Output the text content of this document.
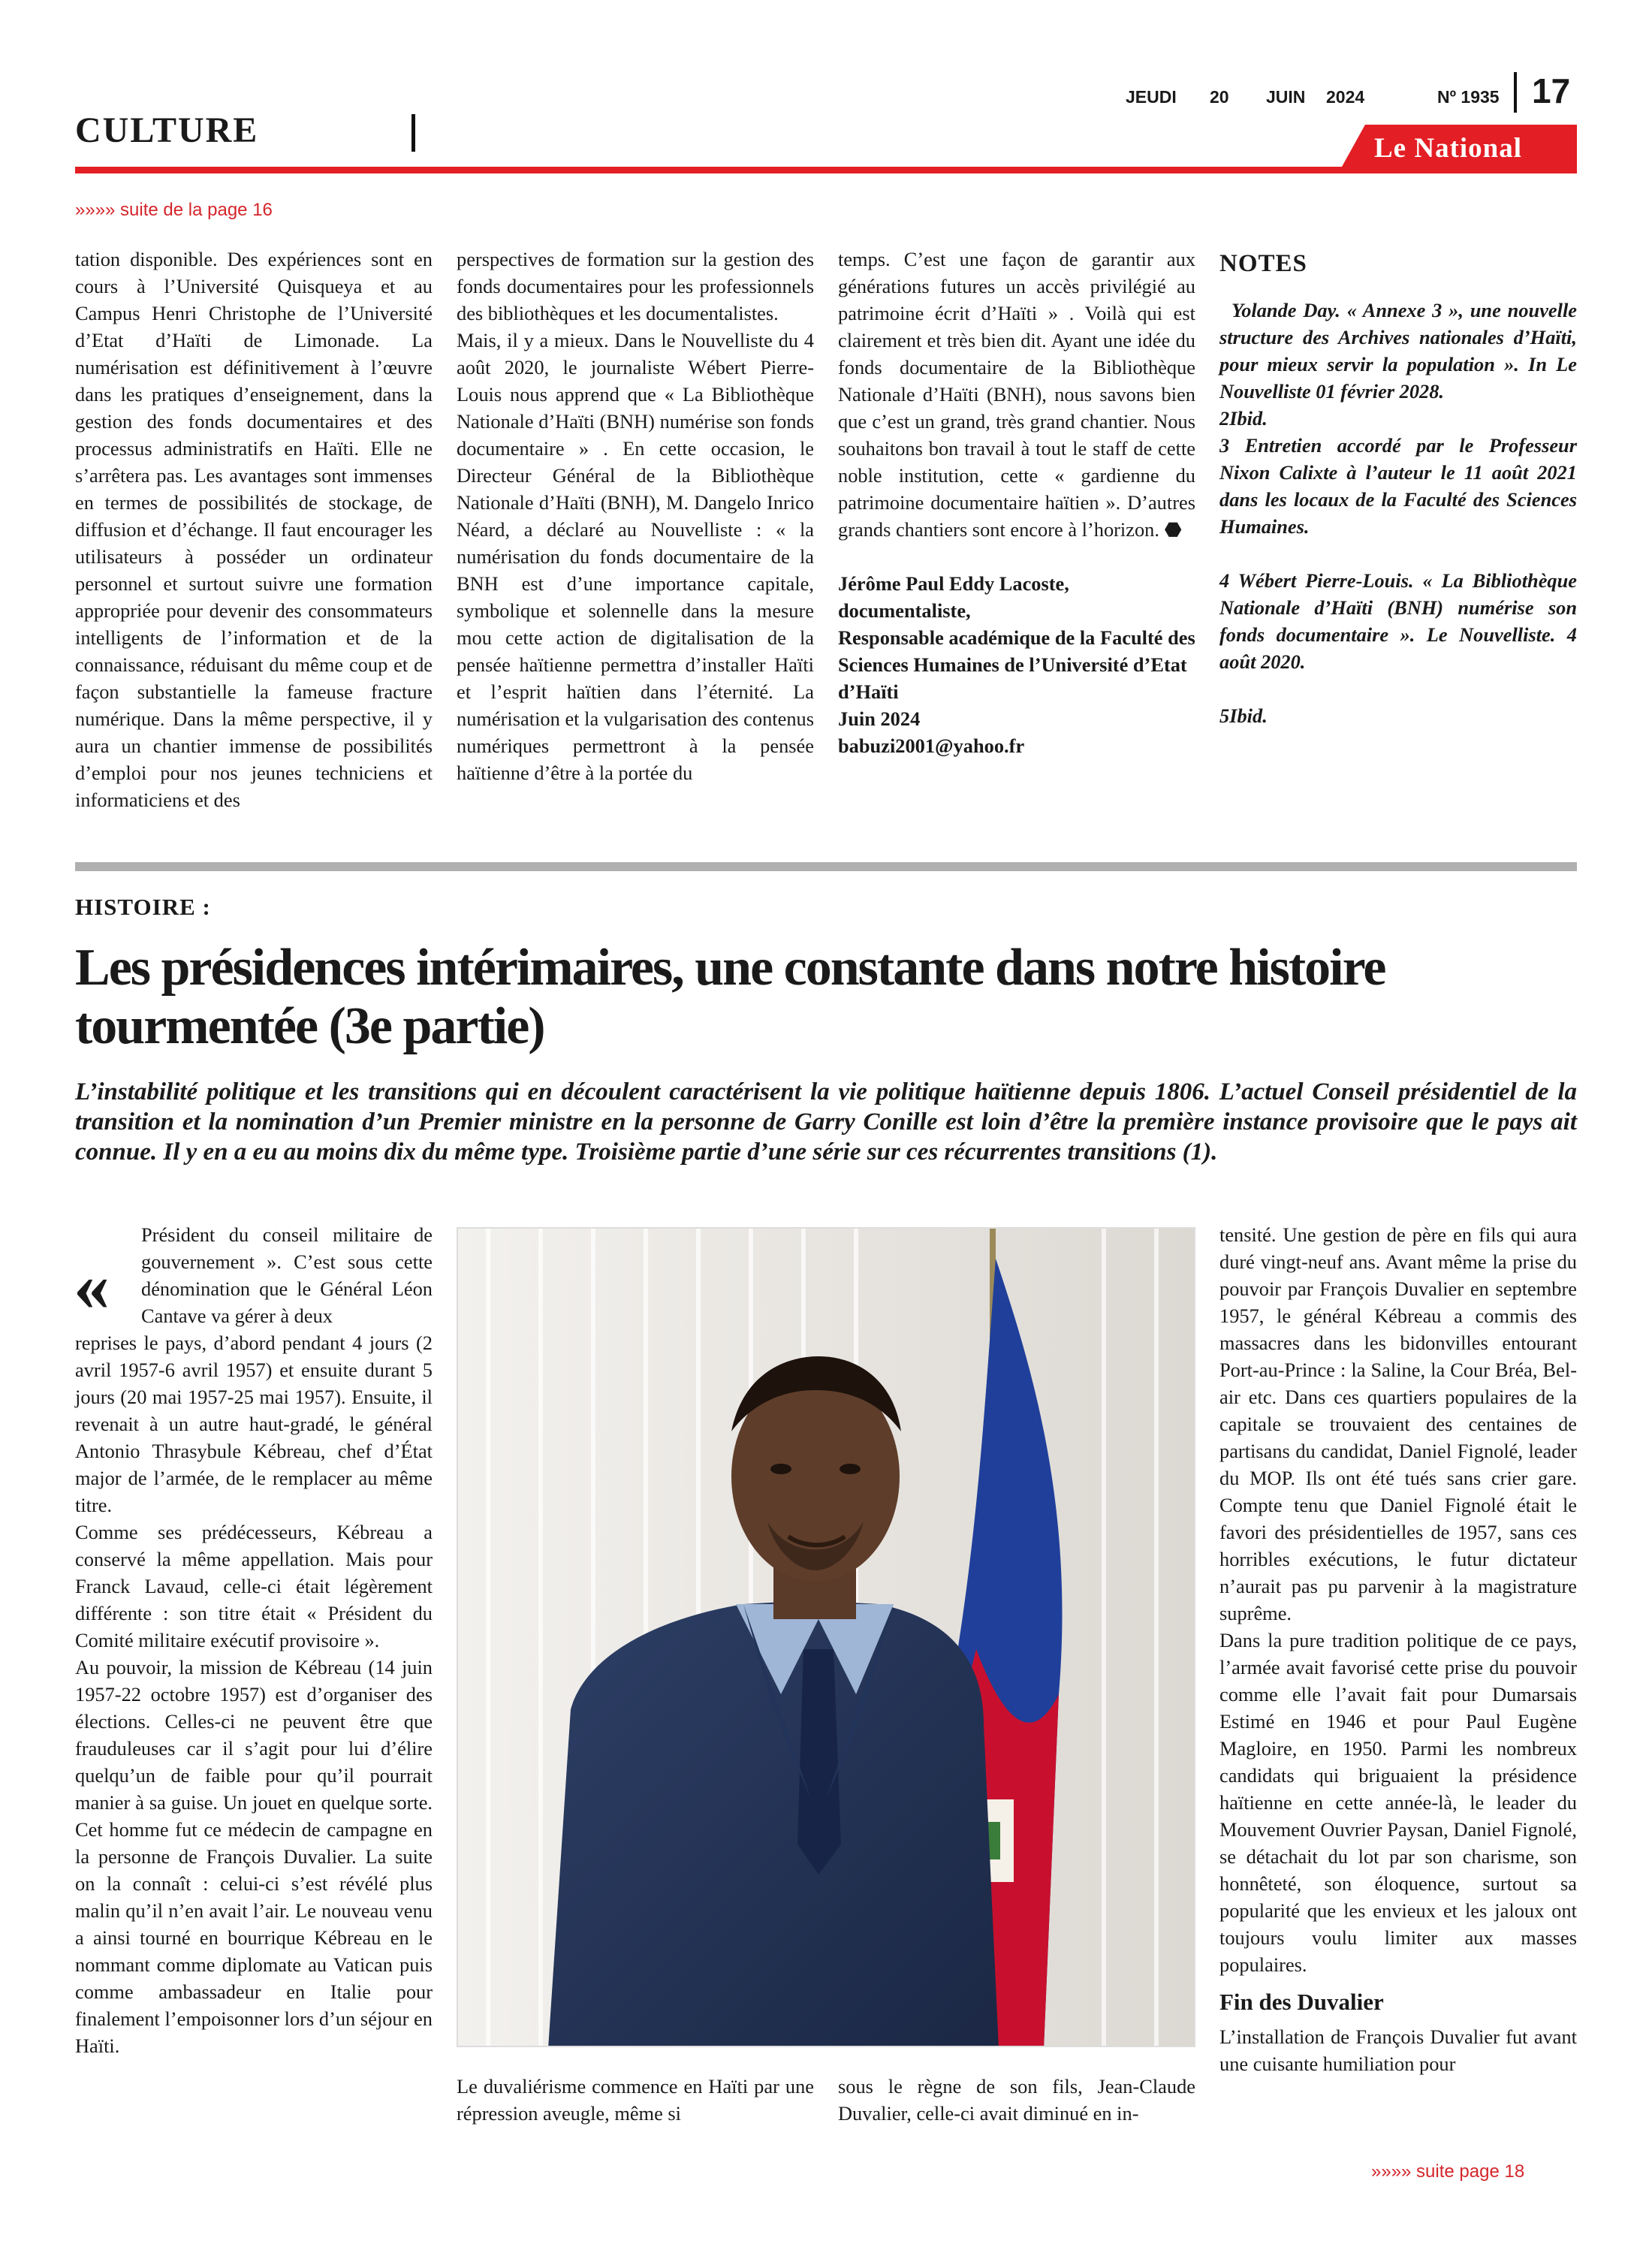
CULTURE
JEUDI 20 JUIN 2024	Nº 1935 17
Le National
»»»» suite de la page 16

tation disponible. Des expériences sont en cours à l’Université Quisqueya et au Campus Henri Christophe de l’Université d’Etat d’Haïti de Limonade. La numérisation est définitivement à l’œuvre dans les pratiques d’enseignement, dans la gestion des fonds documentaires et des processus administratifs en Haïti. Elle ne s’arrêtera pas. Les avantages sont immenses en termes de possibilités de stockage, de diffusion et d’échange. Il faut encourager les utilisateurs à posséder un ordinateur personnel et surtout suivre une formation appropriée pour devenir des consommateurs intelligents de l’information et de la connaissance, réduisant du même coup et de façon substantielle la fameuse fracture numérique. Dans la même perspective, il y aura un chantier immense de possibilités d’emploi pour nos jeunes techniciens et informaticiens et des

perspectives de formation sur la gestion des fonds documentaires pour les professionnels des bibliothèques et les documentalistes.

Mais, il y a mieux. Dans le Nouvelliste du 4 août 2020, le journaliste Wébert Pierre-Louis nous apprend que « La Bibliothèque Nationale d’Haïti (BNH) numérise son fonds documentaire » . En cette occasion, le Directeur Général de la Bibliothèque Nationale d’Haïti (BNH), M. Dangelo Inrico Néard, a déclaré au Nouvelliste : « la numérisation du fonds documentaire de la BNH est d’une importance capitale, symbolique et solennelle dans la mesure mou cette action de digitalisation de la pensée haïtienne permettra d’installer Haïti et l’esprit haïtien dans l’éternité. La numérisation et la vulgarisation des contenus numériques permettront à la pensée haïtienne d’être à la portée du

temps. C’est une façon de garantir aux générations futures un accès privilégié au patrimoine écrit d’Haïti » . Voilà qui est clairement et très bien dit. Ayant une idée du fonds documentaire de la Bibliothèque Nationale d’Haïti (BNH), nous savons bien que c’est un grand, très grand chantier. Nous souhaitons bon travail à tout le staff de cette noble institution, cette « gardienne du patrimoine documentaire haïtien ». D’autres grands chantiers sont encore à l’horizon. ⬣

Jérôme Paul Eddy Lacoste, documentaliste,

Responsable académique de la Faculté des Sciences Humaines de l’Université d’Etat d’Haïti

Juin 2024

babuzi2001@yahoo.fr

NOTES

Yolande Day. « Annexe 3 », une nouvelle structure des Archives nationales d’Haïti, pour mieux servir la population ». In Le Nouvelliste 01 février 2028.

2Ibid.

3 Entretien accordé par le Professeur Nixon Calixte à l’auteur le 11 août 2021 dans les locaux de la Faculté des Sciences Humaines.

4 Wébert Pierre-Louis. « La Bibliothèque Nationale d’Haïti (BNH) numérise son fonds documentaire ». Le Nouvelliste. 4 août 2020.

5Ibid.

HISTOIRE :
Les présidences intérimaires, une constante dans notre histoire tourmentée (3e partie)

L’instabilité politique et les transitions qui en découlent caractérisent la vie politique haïtienne depuis 1806. L’actuel Conseil présidentiel de la transition et la nomination d’un Premier ministre en la personne de Garry Conille est loin d’être la première instance provisoire que le pays ait connue. Il y en a eu au moins dix du même type. Troisième partie d’une série sur ces récurrentes transitions (1).

«

Président du conseil militaire de gouvernement ». C’est sous cette dénomination que le Général Léon Cantave va gérer à deux

reprises le pays, d’abord pendant 4 jours (2 avril 1957-6 avril 1957) et ensuite durant 5 jours (20 mai 1957-25 mai 1957). Ensuite, il revenait à un autre haut-gradé, le général Antonio Thrasybule Kébreau, chef d’État major de l’armée, de le remplacer au même titre.

Comme ses prédécesseurs, Kébreau a conservé la même appellation. Mais pour Franck Lavaud, celle-ci était légèrement différente : son titre était « Président du Comité militaire exécutif provisoire ».

Au pouvoir, la mission de Kébreau (14 juin 1957-22 octobre 1957) est d’organiser des élections. Celles-ci ne peuvent être que frauduleuses car il s’agit pour lui d’élire quelqu’un de faible pour qu’il pourrait manier à sa guise. Un jouet en quelque sorte. Cet homme fut ce médecin de campagne en la personne de François Duvalier. La suite on la connaît : celui-ci s’est révélé plus malin qu’il n’en avait l’air. Le nouveau venu a ainsi tourné en bourrique Kébreau en le nommant comme diplomate au Vatican puis comme ambassadeur en Italie pour finalement l’empoisonner lors d’un séjour en Haïti.

Le duvaliérisme commence en Haïti par une répression aveugle, même si
sous le règne de son fils, Jean-Claude Duvalier, celle-ci avait diminué en in-

tensité. Une gestion de père en fils qui aura duré vingt-neuf ans. Avant même la prise du pouvoir par François Duvalier en septembre 1957, le général Kébreau a commis des massacres dans les bidonvilles entourant Port-au-Prince : la Saline, la Cour Bréa, Bel-air etc. Dans ces quartiers populaires de la capitale se trouvaient des centaines de partisans du candidat, Daniel Fignolé, leader du MOP. Ils ont été tués sans crier gare. Compte tenu que Daniel Fignolé était le favori des présidentielles de 1957, sans ces horribles exécutions, le futur dictateur n’aurait pas pu parvenir à la magistrature suprême.

Dans la pure tradition politique de ce pays, l’armée avait favorisé cette prise du pouvoir comme elle l’avait fait pour Dumarsais Estimé en 1946 et pour Paul Eugène Magloire, en 1950. Parmi les nombreux candidats qui briguaient la présidence haïtienne en cette année-là, le leader du Mouvement Ouvrier Paysan, Daniel Fignolé, se détachait du lot par son charisme, son honnêteté, son éloquence, surtout sa popularité que les envieux et les jaloux ont toujours voulu limiter aux masses populaires.

Fin des Duvalier

L’installation de François Duvalier fut avant une cuisante humiliation pour

»»»» suite page 18
